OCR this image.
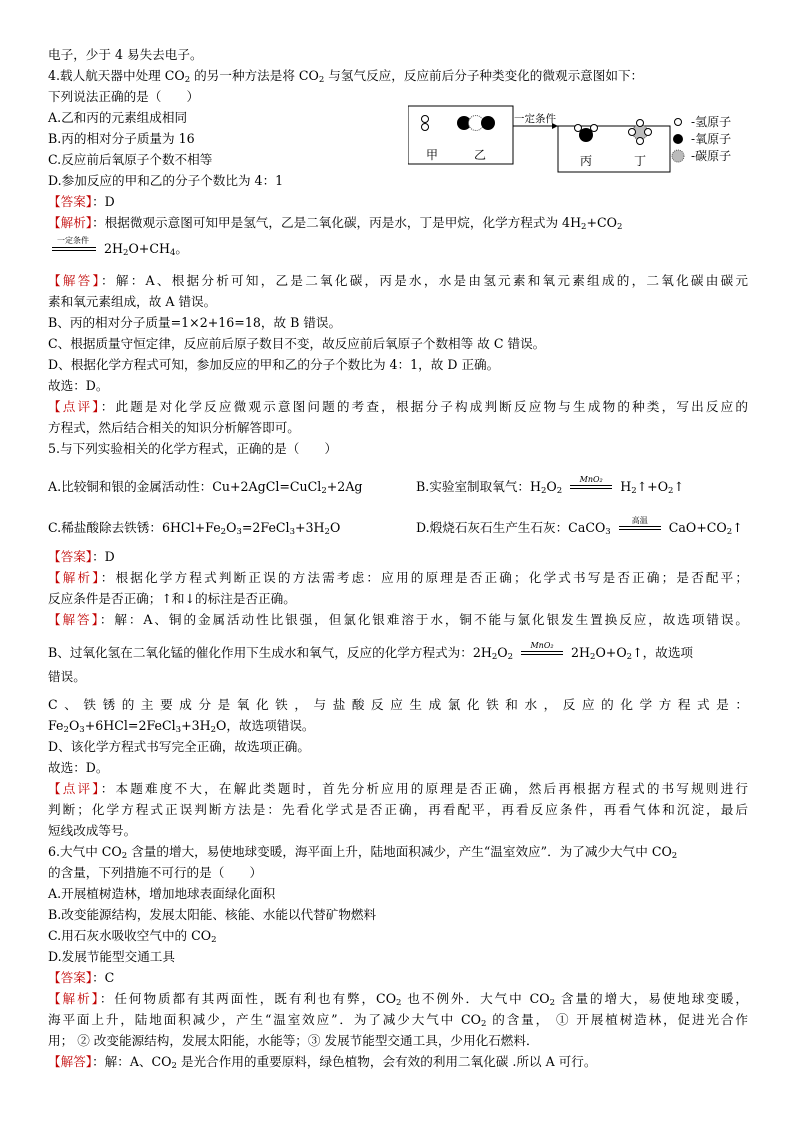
电子，少于 4 易失去电子。
4.载人航天器中处理 $CO_2$ 的另一种方法是将 $CO_2$ 与氢气反应，反应前后分子种类变化的微观示意图如下：
下列说法正确的是（　　）
A.乙和丙的元素组成相同
B.丙的相对分子质量为 16
C.反应前后氧原子个数不相等
D.参加反应的甲和乙的分子个数比为 4：1
甲	乙
一定条件
丙	丁
-氢原子
-氧原子
-碳原子
【答案】：D
【解析】：根据微观示意图可知甲是氢气，乙是二氧化碳，丙是水，丁是甲烷，化学方程式为 $4H_2+CO_2$
一定条件
$2H_2O+CH_4$。
【解答】：解：A、根据分析可知，乙是二氧化碳，丙是水，水是由氢元素和氧元素组成的，二氧化碳由碳元
素和氧元素组成，故 A 错误。
B、丙的相对分子质量=1×2+16=18，故 B 错误。
C、根据质量守恒定律，反应前后原子数目不变，故反应前后氧原子个数相等 故 C 错误。
D、根据化学方程式可知，参加反应的甲和乙的分子个数比为 4：1，故 D 正确。
故选：D。
【点评】：此题是对化学反应微观示意图问题的考查，根据分子构成判断反应物与生成物的种类，写出反应的
方程式，然后结合相关的知识分析解答即可。
5.与下列实验相关的化学方程式，正确的是（　　）
A.比较铜和银的金属活动性：Cu+2AgCl=CuCl$_2$+2Ag	B.实验室制取氧气：$H_2O_2$
MnO₂	$H_2↑+O_2↑$
C.稀盐酸除去铁锈：$6HCl+Fe_2O_3=2FeCl_3+3H_2O$	D.煅烧石灰石生产生石灰：CaCO$_3$
高温	$CaO+CO_2↑$
【答案】：D
【解析】：根据化学方程式判断正误的方法需考虑：应用的原理是否正确；化学式书写是否正确；是否配平；
反应条件是否正确；↑和↓的标注是否正确。
【解答】：解：A、铜的金属活动性比银强，但氯化银难溶于水，铜不能与氯化银发生置换反应，故选项错误。
B、过氧化氢在二氧化锰的催化作用下生成水和氧气，反应的化学方程式为：$2H_2O_2$
MnO₂	$2H_2O+O_2↑$，故选项
错误。
C、铁锈的主要成分是氧化铁，与盐酸反应生成氯化铁和水，反应的化学方程式是：
$Fe_2O_3+6HCl=2FeCl_3+3H_2O$，故选项错误。
D、该化学方程式书写完全正确，故选项正确。
故选：D。
【点评】：本题难度不大，在解此类题时，首先分析应用的原理是否正确，然后再根据方程式的书写规则进行
判断；化学方程式正误判断方法是：先看化学式是否正确，再看配平，再看反应条件，再看气体和沉淀，最后
短线改成等号。
6.大气中 $CO_2$ 含量的增大，易使地球变暖，海平面上升，陆地面积减少，产生“温室效应”．为了减少大气中 $CO_2$
的含量，下列措施不可行的是（　　）
A.开展植树造林，增加地球表面绿化面积
B.改变能源结构，发展太阳能、核能、水能以代替矿物燃料
C.用石灰水吸收空气中的 $CO_2$
D.发展节能型交通工具
【答案】：C
【解析】：任何物质都有其两面性，既有利也有弊，$CO_2$ 也不例外．大气中 $CO_2$ 含量的增大，易使地球变暖，
海平面上升，陆地面积减少，产生“温室效应”．为了减少大气中 $CO_2$ 的含量， ① 开展植树造林，促进光合作
用； ② 改变能源结构，发展太阳能，水能等；③ 发展节能型交通工具，少用化石燃料．
【解答】：解：A、$CO_2$ 是光合作用的重要原料，绿色植物，会有效的利用二氧化碳 .所以 A 可行。
